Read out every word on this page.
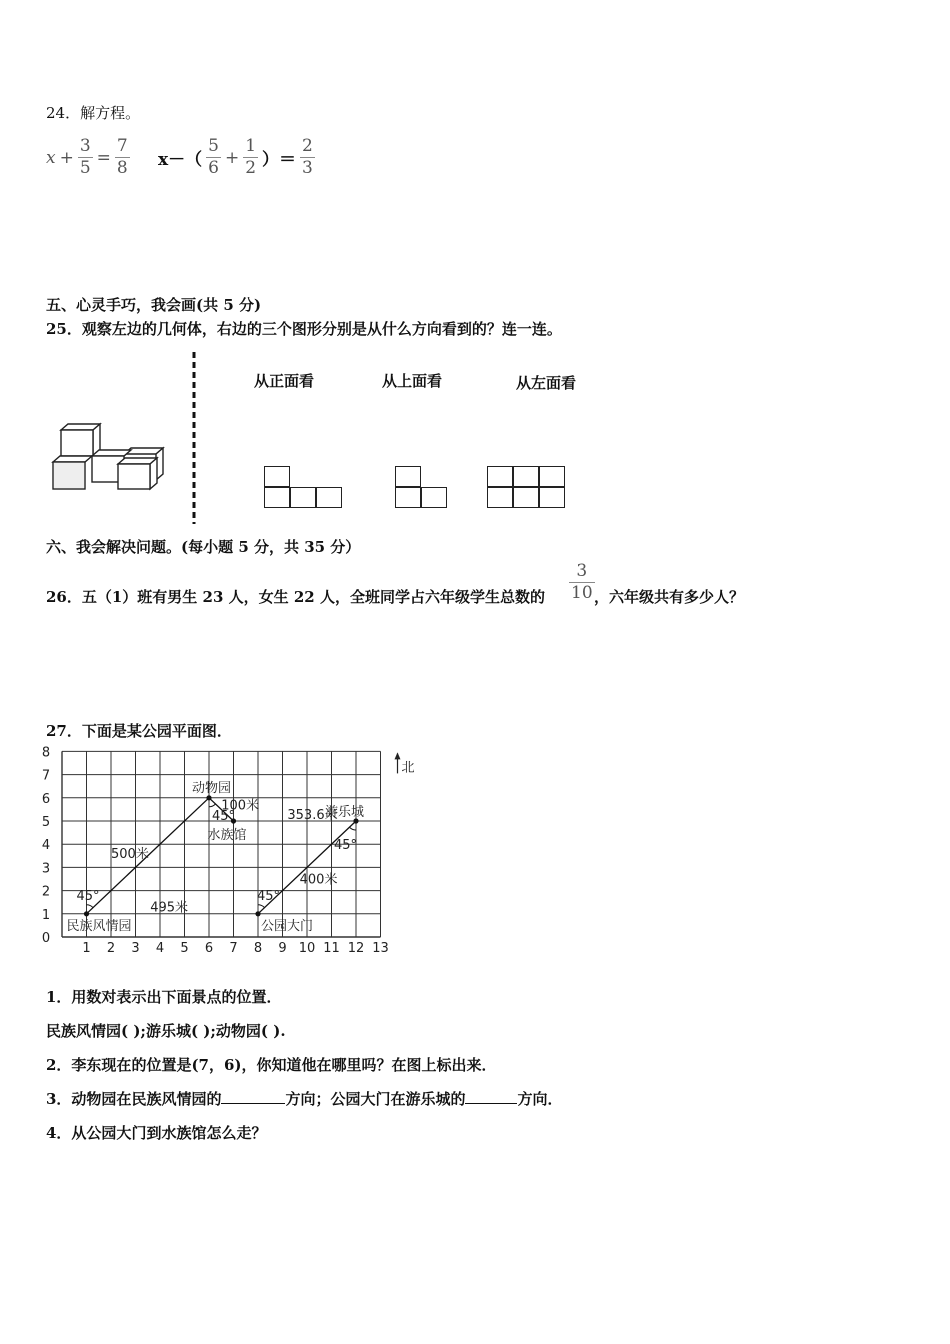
24．解方程。
$x + \frac{3}{5} = \frac{7}{8} x-( \frac{5}{6} + \frac{1}{2}$ ）＝ $\frac{2}{3}$
五、心灵手巧，我会画(共 5 分)
25．观察左边的几何体，右边的三个图形分别是从什么方向看到的？连一连。
从正面看	从上面看	从左面看
六、我会解决问题。(每小题 5 分，共 35 分）
26．五（1）班有男生 23 人，女生 22 人，全班同学占六年级学生总数的 $\frac{3}{10}$ ，六年级共有多少人？
27．下面是某公园平面图．
1 2 3 4 5 6 7 8 9 10 11 12 13
0
1
2
3
4
5
6
7
8
北
民族风情园
动物园
水族馆
游乐城
公园大门
500米
100米
353.6米
400米
495米
45°
45°
45°
45°
1．用数对表示出下面景点的位置．
民族风情园( );游乐城( );动物园( ).
2．李东现在的位置是(7，6)，你知道他在哪里吗？在图上标出来．
3．动物园在民族风情园的	方向；公园大门在游乐城的	方向．
4．从公园大门到水族馆怎么走？
